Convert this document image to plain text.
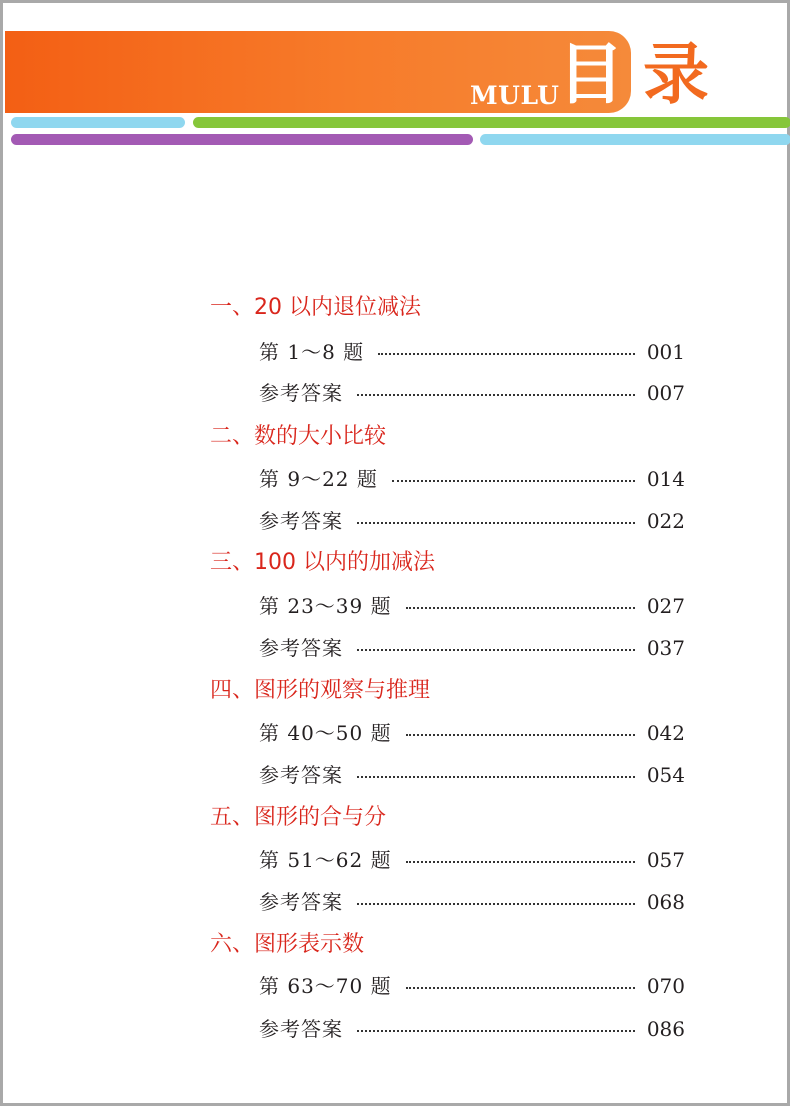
MULU
目 录
一、20 以内退位减法
第 1～8 题	001
参考答案	007
二、数的大小比较
第 9～22 题	014
参考答案	022
三、100 以内的加减法
第 23～39 题	027
参考答案	037
四、图形的观察与推理
第 40～50 题	042
参考答案	054
五、图形的合与分
第 51～62 题	057
参考答案	068
六、图形表示数
第 63～70 题	070
参考答案	086
